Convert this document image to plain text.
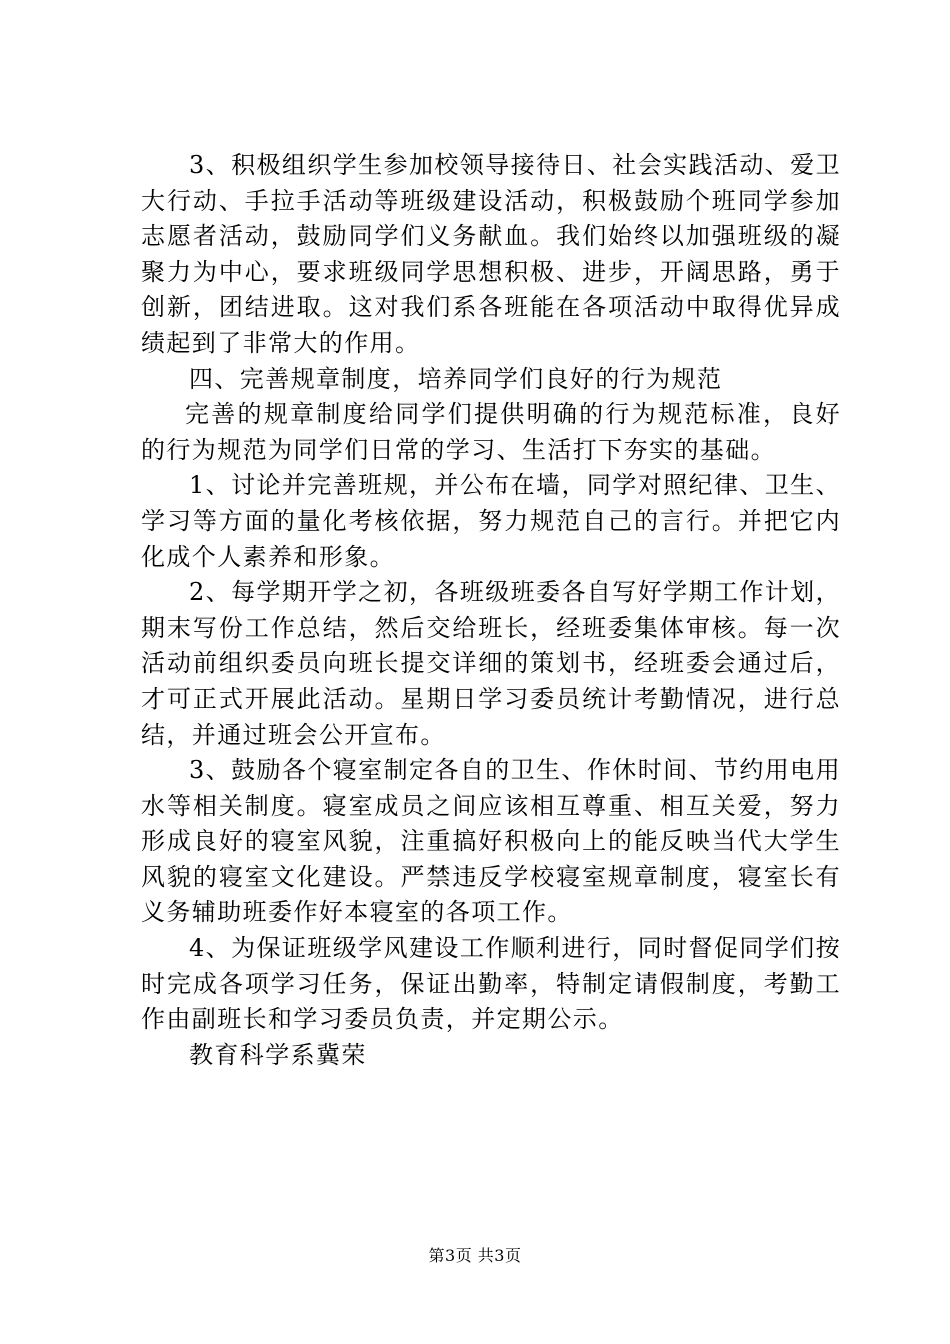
3、积极组织学生参加校领导接待日、社会实践活动、爱卫大行动、手拉手活动等班级建设活动，积极鼓励个班同学参加志愿者活动，鼓励同学们义务献血。我们始终以加强班级的凝聚力为中心，要求班级同学思想积极、进步，开阔思路，勇于创新，团结进取。这对我们系各班能在各项活动中取得优异成绩起到了非常大的作用。

四、完善规章制度，培养同学们良好的行为规范

完善的规章制度给同学们提供明确的行为规范标准，良好的行为规范为同学们日常的学习、生活打下夯实的基础。

1、讨论并完善班规，并公布在墙，同学对照纪律、卫生、学习等方面的量化考核依据，努力规范自己的言行。并把它内化成个人素养和形象。

2、每学期开学之初，各班级班委各自写好学期工作计划，期末写份工作总结，然后交给班长，经班委集体审核。每一次活动前组织委员向班长提交详细的策划书，经班委会通过后，才可正式开展此活动。星期日学习委员统计考勤情况，进行总结，并通过班会公开宣布。

3、鼓励各个寝室制定各自的卫生、作休时间、节约用电用水等相关制度。寝室成员之间应该相互尊重、相互关爱，努力形成良好的寝室风貌，注重搞好积极向上的能反映当代大学生风貌的寝室文化建设。严禁违反学校寝室规章制度，寝室长有义务辅助班委作好本寝室的各项工作。

4、为保证班级学风建设工作顺利进行，同时督促同学们按时完成各项学习任务，保证出勤率，特制定请假制度，考勤工作由副班长和学习委员负责，并定期公示。

教育科学系冀荣

第3页 共3页
